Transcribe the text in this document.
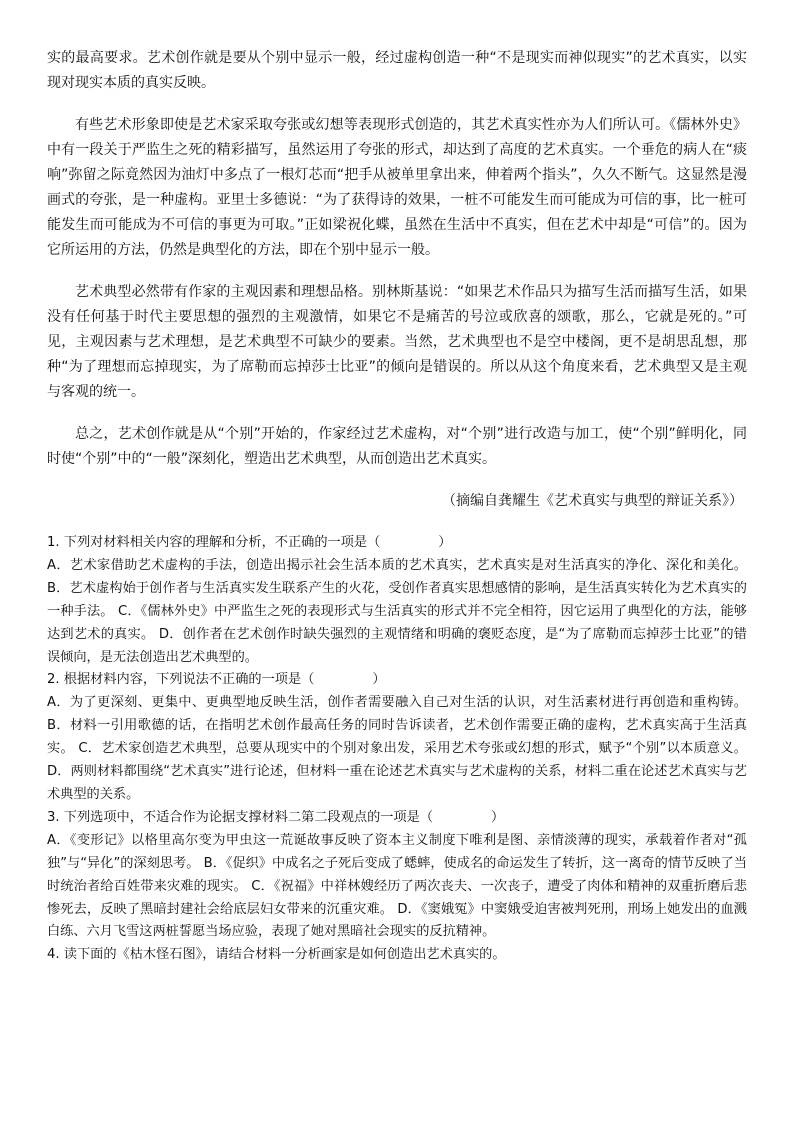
实的最高要求。艺术创作就是要从个别中显示一般，经过虚构创造一种“不是现实而神似现实”的艺术真实，以实现对现实本质的真实反映。

有些艺术形象即使是艺术家采取夸张或幻想等表现形式创造的，其艺术真实性亦为人们所认可。《儒林外史》中有一段关于严监生之死的精彩描写，虽然运用了夸张的形式，却达到了高度的艺术真实。一个垂危的病人在“痰响”弥留之际竟然因为油灯中多点了一根灯芯而“把手从被单里拿出来，伸着两个指头”，久久不断气。这显然是漫画式的夸张，是一种虚构。亚里士多德说：“为了获得诗的效果，一桩不可能发生而可能成为可信的事，比一桩可能发生而可能成为不可信的事更为可取。”正如梁祝化蝶，虽然在生活中不真实，但在艺术中却是“可信”的。因为它所运用的方法，仍然是典型化的方法，即在个别中显示一般。

艺术典型必然带有作家的主观因素和理想品格。别林斯基说：“如果艺术作品只为描写生活而描写生活，如果没有任何基于时代主要思想的强烈的主观激情，如果它不是痛苦的号泣或欣喜的颂歌，那么，它就是死的。”可见，主观因素与艺术理想，是艺术典型不可缺少的要素。当然，艺术典型也不是空中楼阁，更不是胡思乱想，那种“为了理想而忘掉现实，为了席勒而忘掉莎士比亚”的倾向是错误的。所以从这个角度来看，艺术典型又是主观与客观的统一。

总之，艺术创作就是从“个别”开始的，作家经过艺术虚构，对“个别”进行改造与加工，使“个别”鲜明化，同时使“个别”中的“一般”深刻化，塑造出艺术典型，从而创造出艺术真实。

（摘编自龚耀生《艺术真实与典型的辩证关系》）

1. 下列对材料相关内容的理解和分析，不正确的一项是（	）
A．艺术家借助艺术虚构的手法，创造出揭示社会生活本质的艺术真实，艺术真实是对生活真实的净化、深化和美化。 B．艺术虚构始于创作者与生活真实发生联系产生的火花，受创作者真实思想感情的影响，是生活真实转化为艺术真实的一种手法。 C．《儒林外史》中严监生之死的表现形式与生活真实的形式并不完全相符，因它运用了典型化的方法，能够达到艺术的真实。 D．创作者在艺术创作时缺失强烈的主观情绪和明确的褒贬态度，是“为了席勒而忘掉莎士比亚”的错误倾向，是无法创造出艺术典型的。
2. 根据材料内容，下列说法不正确的一项是（	）
A．为了更深刻、更集中、更典型地反映生活，创作者需要融入自己对生活的认识，对生活素材进行再创造和重构铸。 B．材料一引用歌德的话，在指明艺术创作最高任务的同时告诉读者，艺术创作需要正确的虚构，艺术真实高于生活真实。 C．艺术家创造艺术典型，总要从现实中的个别对象出发，采用艺术夸张或幻想的形式，赋予“个别”以本质意义。 D．两则材料都围绕“艺术真实”进行论述，但材料一重在论述艺术真实与艺术虚构的关系，材料二重在论述艺术真实与艺术典型的关系。
3. 下列选项中，不适合作为论据支撑材料二第二段观点的一项是（	）
A．《变形记》以格里高尔变为甲虫这一荒诞故事反映了资本主义制度下唯利是图、亲情淡薄的现实，承载着作者对“孤独”与“异化”的深刻思考。 B．《促织》中成名之子死后变成了蟋蟀，使成名的命运发生了转折，这一离奇的情节反映了当时统治者给百姓带来灾难的现实。 C．《祝福》中祥林嫂经历了两次丧夫、一次丧子，遭受了肉体和精神的双重折磨后悲惨死去，反映了黑暗封建社会给底层妇女带来的沉重灾难。 D．《窦娥冤》中窦娥受迫害被判死刑，刑场上她发出的血溅白练、六月飞雪这两桩誓愿当场应验，表现了她对黑暗社会现实的反抗精神。
4. 读下面的《枯木怪石图》，请结合材料一分析画家是如何创造出艺术真实的。
